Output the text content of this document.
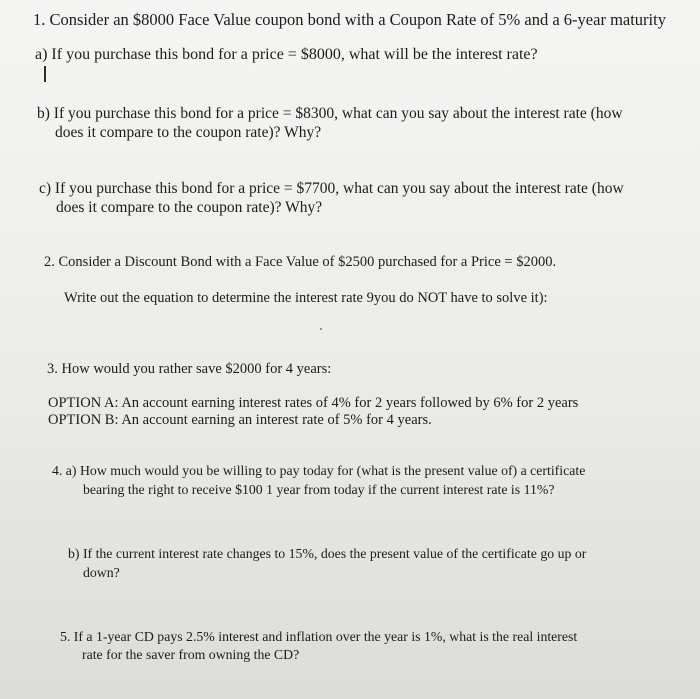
1. Consider an $8000 Face Value coupon bond with a Coupon Rate of 5% and a 6-year maturity
a) If you purchase this bond for a price = $8000, what will be the interest rate?
b) If you purchase this bond for a price = $8300, what can you say about the interest rate (how
does it compare to the coupon rate)? Why?
c) If you purchase this bond for a price = $7700, what can you say about the interest rate (how
does it compare to the coupon rate)? Why?
2. Consider a Discount Bond with a Face Value of $2500 purchased for a Price = $2000.
Write out the equation to determine the interest rate 9you do NOT have to solve it):
3. How would you rather save $2000 for 4 years:
OPTION A: An account earning interest rates of 4% for 2 years followed by 6% for 2 years
OPTION B: An account earning an interest rate of 5% for 4 years.
4. a) How much would you be willing to pay today for (what is the present value of) a certificate
bearing the right to receive $100 1 year from today if the current interest rate is 11%?
b) If the current interest rate changes to 15%, does the present value of the certificate go up or
down?
5. If a 1-year CD pays 2.5% interest and inflation over the year is 1%, what is the real interest
rate for the saver from owning the CD?
